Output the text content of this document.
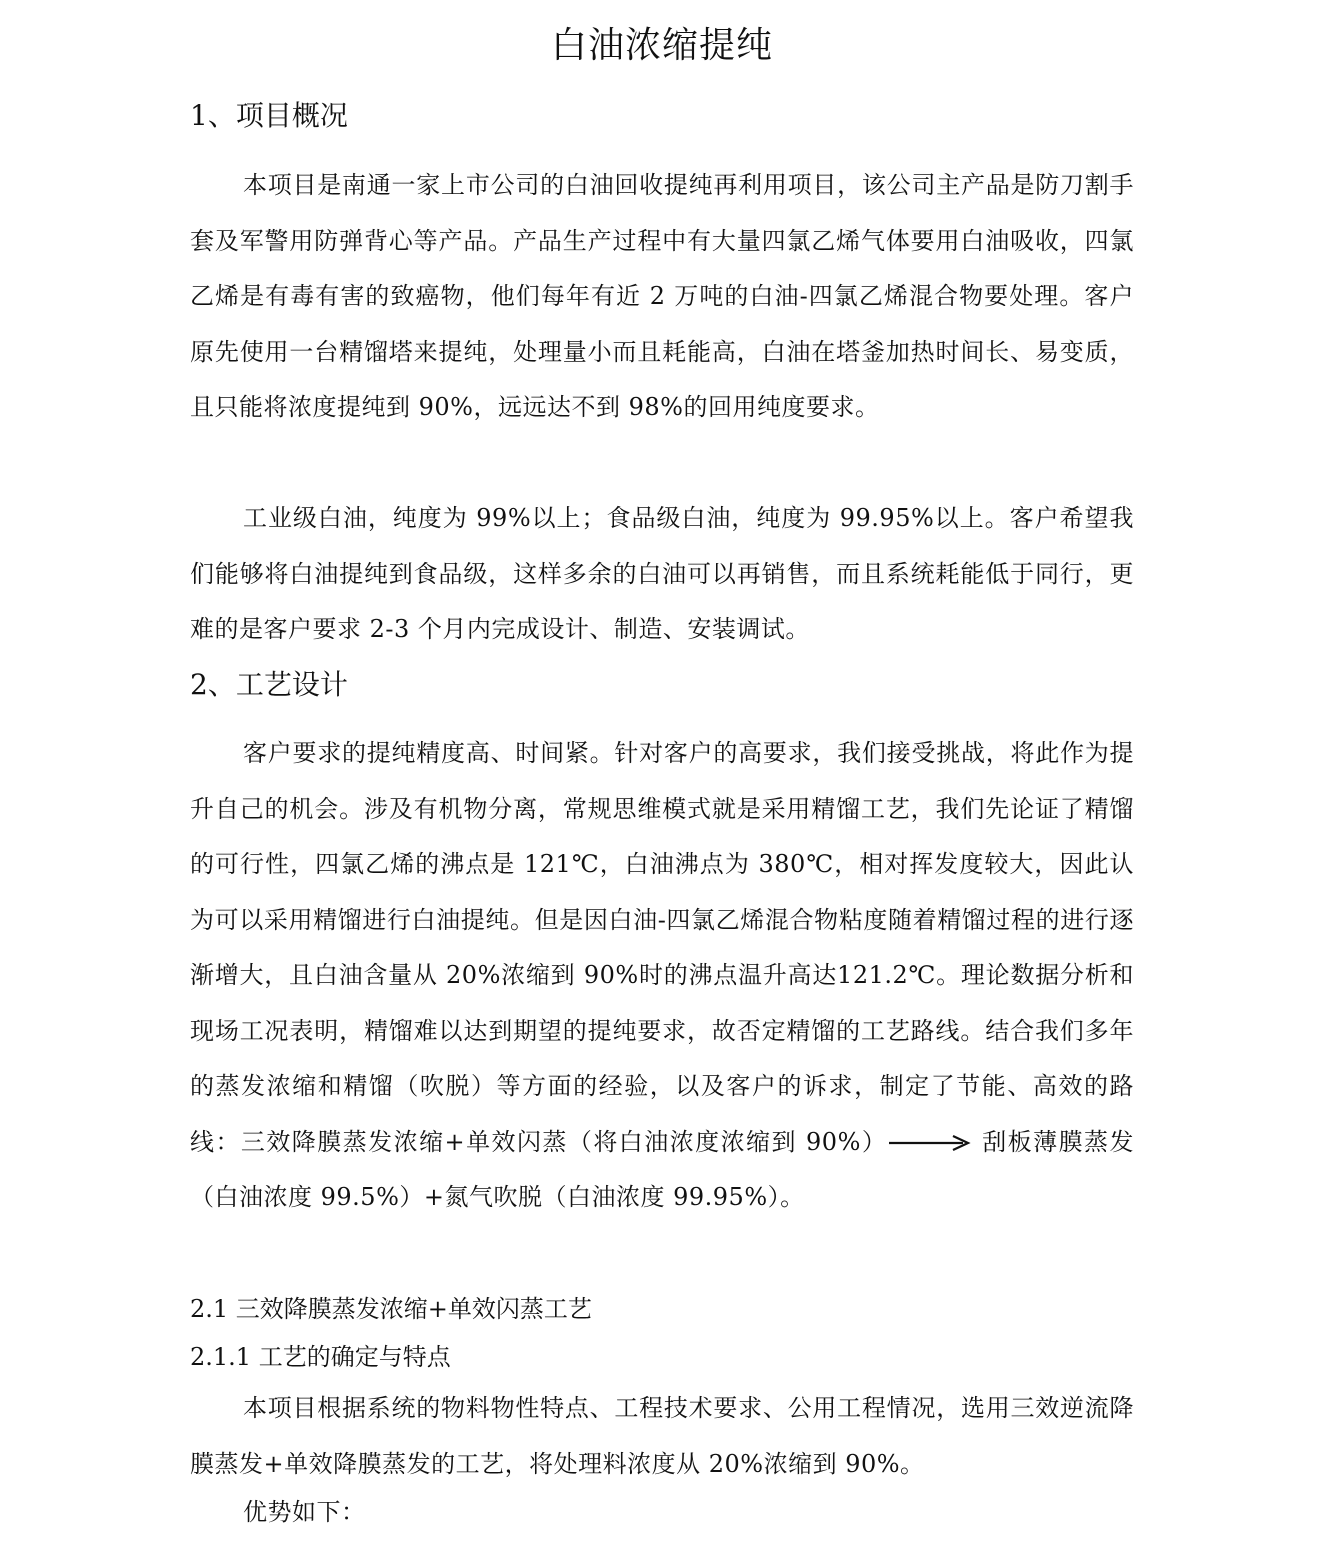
白油浓缩提纯
1、项目概况

本项目是南通一家上市公司的白油回收提纯再利用项目，该公司主产品是防刀割手套及军警用防弹背心等产品。产品生产过程中有大量四氯乙烯气体要用白油吸收，四氯乙烯是有毒有害的致癌物，他们每年有近 2 万吨的白油-四氯乙烯混合物要处理。客户原先使用一台精馏塔来提纯，处理量小而且耗能高，白油在塔釜加热时间长、易变质，且只能将浓度提纯到 90%，远远达不到 98%的回用纯度要求。

工业级白油，纯度为 99%以上；食品级白油，纯度为 99.95%以上。客户希望我们能够将白油提纯到食品级，这样多余的白油可以再销售，而且系统耗能低于同行，更难的是客户要求 2-3 个月内完成设计、制造、安装调试。

2、工艺设计

客户要求的提纯精度高、时间紧。针对客户的高要求，我们接受挑战，将此作为提升自己的机会。涉及有机物分离，常规思维模式就是采用精馏工艺，我们先论证了精馏的可行性，四氯乙烯的沸点是 121℃，白油沸点为 380℃，相对挥发度较大，因此认为可以采用精馏进行白油提纯。但是因白油-四氯乙烯混合物粘度随着精馏过程的进行逐渐增大，且白油含量从 20%浓缩到 90%时的沸点温升高达121.2℃。理论数据分析和现场工况表明，精馏难以达到期望的提纯要求，故否定精馏的工艺路线。结合我们多年的蒸发浓缩和精馏（吹脱）等方面的经验，以及客户的诉求，制定了节能、高效的路线：三效降膜蒸发浓缩+单效闪蒸（将白油浓度浓缩到 90%）	刮板薄膜蒸发（白油浓度 99.5%）+氮气吹脱（白油浓度 99.95%）。

2.1 三效降膜蒸发浓缩+单效闪蒸工艺
2.1.1 工艺的确定与特点

本项目根据系统的物料物性特点、工程技术要求、公用工程情况，选用三效逆流降膜蒸发+单效降膜蒸发的工艺，将处理料浓度从 20%浓缩到 90%。

优势如下：
